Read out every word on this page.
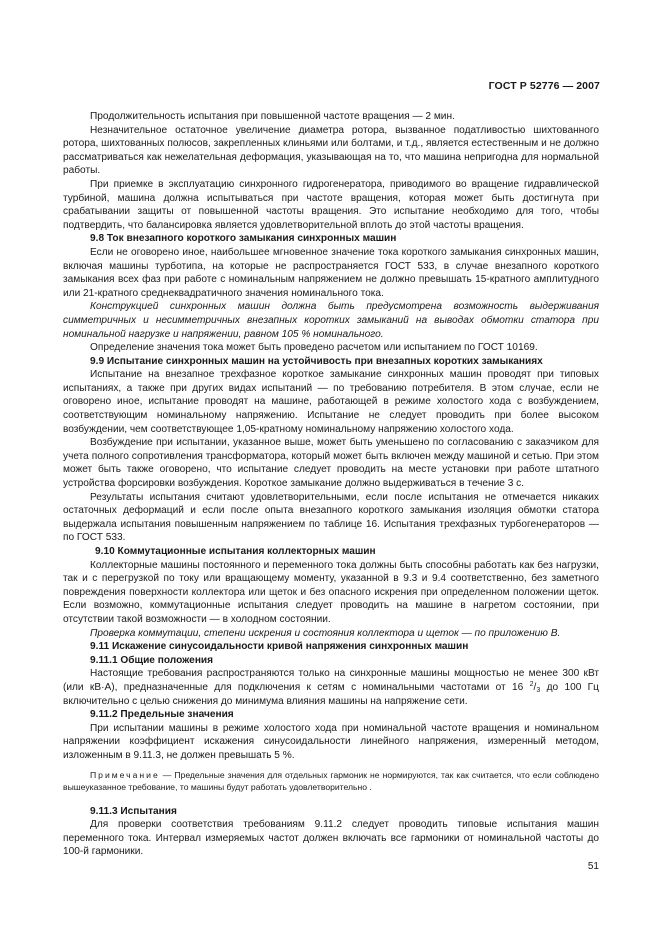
ГОСТ Р 52776 — 2007

Продолжительность испытания при повышенной частоте вращения — 2 мин.

Незначительное остаточное увеличение диаметра ротора, вызванное податливостью шихтованного ротора, шихтованных полюсов, закрепленных клиньями или болтами, и т.д., является естественным и не должно рассматриваться как нежелательная деформация, указывающая на то, что машина непригодна для нормальной работы.

При приемке в эксплуатацию синхронного гидрогенератора, приводимого во вращение гидравлической турбиной, машина должна испытываться при частоте вращения, которая может быть достигнута при срабатывании защиты от повышенной частоты вращения. Это испытание необходимо для того, чтобы подтвердить, что балансировка является удовлетворительной вплоть до этой частоты вращения.

9.8 Ток внезапного короткого замыкания синхронных машин

Если не оговорено иное, наибольшее мгновенное значение тока короткого замыкания синхронных машин, включая машины турботипа, на которые не распространяется ГОСТ 533, в случае внезапного короткого замыкания всех фаз при работе с номинальным напряжением не должно превышать 15-кратного амплитудного или 21-кратного среднеквадратичного значения номинального тока.

Конструкцией синхронных машин должна быть предусмотрена возможность выдерживания симметричных и несимметричных внезапных коротких замыканий на выводах обмотки статора при номинальной нагрузке и напряжении, равном 105 % номинального.

Определение значения тока может быть проведено расчетом или испытанием по ГОСТ 10169.

9.9 Испытание синхронных машин на устойчивость при внезапных коротких замыканиях

Испытание на внезапное трехфазное короткое замыкание синхронных машин проводят при типовых испытаниях, а также при других видах испытаний — по требованию потребителя. В этом случае, если не оговорено иное, испытание проводят на машине, работающей в режиме холостого хода с возбуждением, соответствующим номинальному напряжению. Испытание не следует проводить при более высоком возбуждении, чем соответствующее 1,05-кратному номинальному напряжению холостого хода.

Возбуждение при испытании, указанное выше, может быть уменьшено по согласованию с заказчиком для учета полного сопротивления трансформатора, который может быть включен между машиной и сетью. При этом может быть также оговорено, что испытание следует проводить на месте установки при работе штатного устройства форсировки возбуждения. Короткое замыкание должно выдерживаться в течение 3 с.

Результаты испытания считают удовлетворительными, если после испытания не отмечается никаких остаточных деформаций и если после опыта внезапного короткого замыкания изоляция обмотки статора выдержала испытания повышенным напряжением по таблице 16. Испытания трехфазных турбогенераторов — по ГОСТ 533.

9.10 Коммутационные испытания коллекторных машин

Коллекторные машины постоянного и переменного тока должны быть способны работать как без нагрузки, так и с перегрузкой по току или вращающему моменту, указанной в 9.3 и 9.4 соответственно, без заметного повреждения поверхности коллектора или щеток и без опасного искрения при определенном положении щеток. Если возможно, коммутационные испытания следует проводить на машине в нагретом состоянии, при отсутствии такой возможности — в холодном состоянии.

Проверка коммутации, степени искрения и состояния коллектора и щеток — по приложению В.

9.11 Искажение синусоидальности кривой напряжения синхронных машин

9.11.1 Общие положения

Настоящие требования распространяются только на синхронные машины мощностью не менее 300 кВт (или кВ·А), предназначенные для подключения к сетям с номинальными частотами от 16 $^2/_3$ до 100 Гц включительно с целью снижения до минимума влияния машины на напряжение сети.

9.11.2 Предельные значения

При испытании машины в режиме холостого хода при номинальной частоте вращения и номинальном напряжении коэффициент искажения синусоидальности линейного напряжения, измеренный методом, изложенным в 9.11.3, не должен превышать 5 %.

Примечание — Предельные значения для отдельных гармоник не нормируются, так как считается, что если соблюдено вышеуказанное требование, то машины будут работать удовлетворительно .

9.11.3 Испытания

Для проверки соответствия требованиям 9.11.2 следует проводить типовые испытания машин переменного тока. Интервал измеряемых частот должен включать все гармоники от номинальной частоты до 100-й гармоники.

51
